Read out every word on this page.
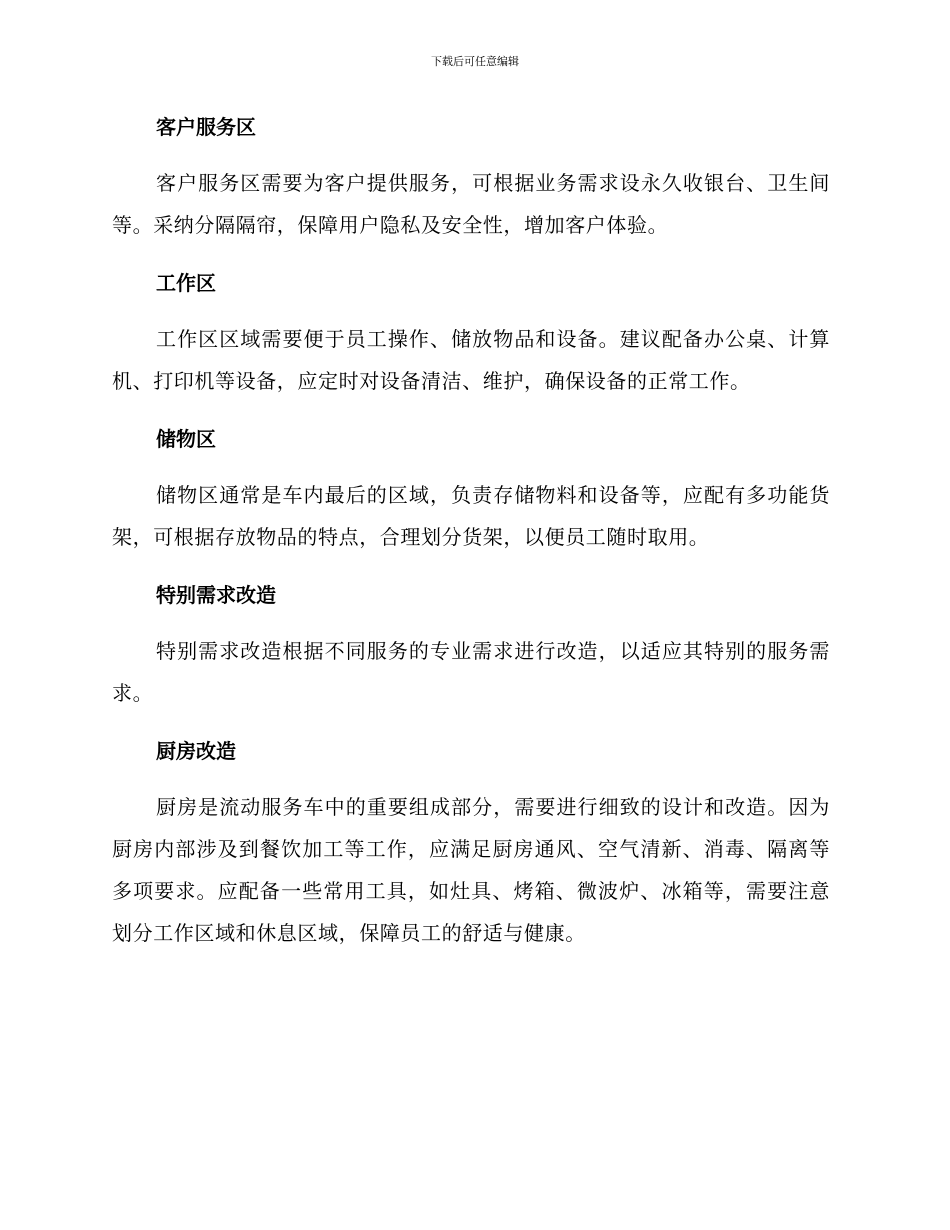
下载后可任意编辑
客户服务区

客户服务区需要为客户提供服务，可根据业务需求设永久收银台、卫生间等。采纳分隔隔帘，保障用户隐私及安全性，增加客户体验。

工作区

工作区区域需要便于员工操作、储放物品和设备。建议配备办公桌、计算机、打印机等设备，应定时对设备清洁、维护，确保设备的正常工作。

储物区

储物区通常是车内最后的区域，负责存储物料和设备等，应配有多功能货架，可根据存放物品的特点，合理划分货架，以便员工随时取用。

特别需求改造

特别需求改造根据不同服务的专业需求进行改造，以适应其特别的服务需求。

厨房改造

厨房是流动服务车中的重要组成部分，需要进行细致的设计和改造。因为厨房内部涉及到餐饮加工等工作，应满足厨房通风、空气清新、消毒、隔离等多项要求。应配备一些常用工具，如灶具、烤箱、微波炉、冰箱等，需要注意划分工作区域和休息区域，保障员工的舒适与健康。
